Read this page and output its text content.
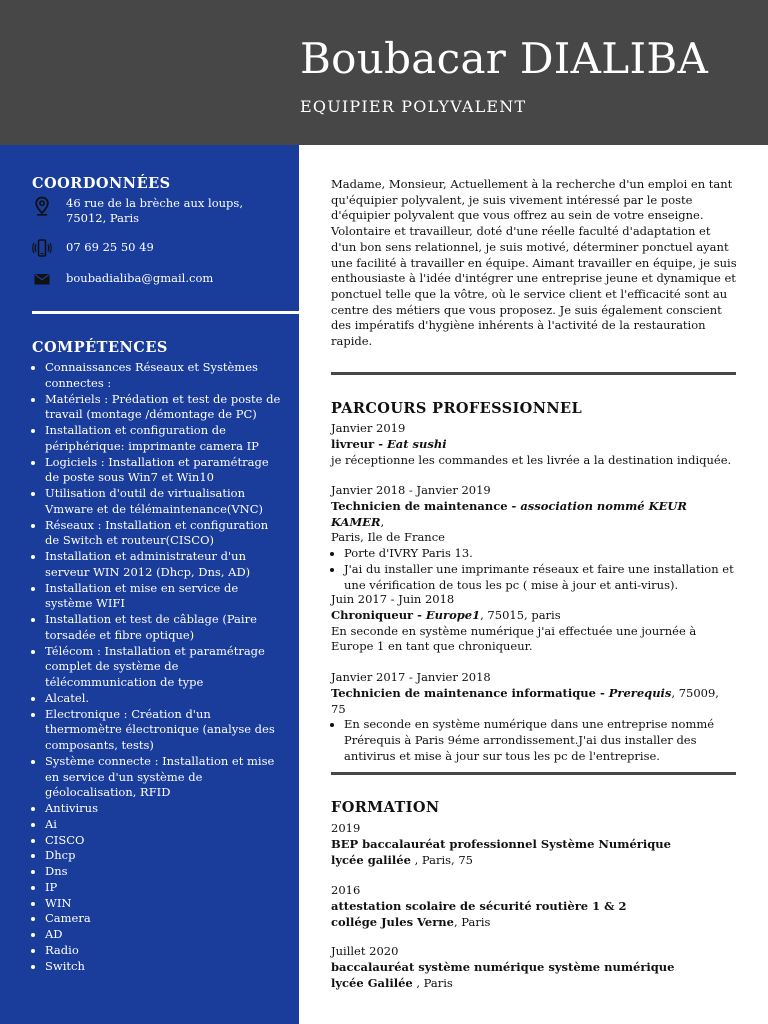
Boubacar DIALIBA
EQUIPIER POLYVALENT
COORDONNÉES
46 rue de la brèche aux loups, 75012, Paris
07 69 25 50 49
boubadialiba@gmail.com
COMPÉTENCES
• Connaissances Réseaux et Systèmes connectes :
• Matériels : Prédation et test de poste de travail (montage /démontage de PC)
• Installation et configuration de périphérique: imprimante camera IP
• Logiciels : Installation et paramétrage de poste sous Win7 et Win10
• Utilisation d'outil de virtualisation Vmware et de télémaintenance(VNC)
• Réseaux : Installation et configuration de Switch et routeur(CISCO)
• Installation et administrateur d'un serveur WIN 2012 (Dhcp, Dns, AD)
• Installation et mise en service de système WIFI
• Installation et test de câblage (Paire torsadée et fibre optique)
• Télécom : Installation et paramétrage complet de système de télécommunication de type
• Alcatel.
• Electronique : Création d'un thermomètre électronique (analyse des composants, tests)
• Système connecte : Installation et mise en service d'un système de géolocalisation, RFID
• Antivirus
• Ai
• CISCO
• Dhcp
• Dns
• IP
• WIN
• Camera
• AD
• Radio
• Switch
Madame, Monsieur, Actuellement à la recherche d'un emploi en tant qu'équipier polyvalent, je suis vivement intéressé par le poste d'équipier polyvalent que vous offrez au sein de votre enseigne. Volontaire et travailleur, doté d'une réelle faculté d'adaptation et d'un bon sens relationnel, je suis motivé, déterminer ponctuel ayant une facilité à travailler en équipe. Aimant travailler en équipe, je suis enthousiaste à l'idée d'intégrer une entreprise jeune et dynamique et ponctuel telle que la vôtre, où le service client et l'efficacité sont au centre des métiers que vous proposez. Je suis également conscient des impératifs d'hygiène inhérents à l'activité de la restauration rapide.
PARCOURS PROFESSIONNEL

Janvier 2019

livreur - Eat sushi

je réceptionne les commandes et les livrée a la destination indiquée.

Janvier 2018 - Janvier 2019

Technicien de maintenance - association nommé KEUR KAMER,

Paris, Ile de France

• Porte d'IVRY Paris 13.
• J'ai du installer une imprimante réseaux et faire une installation et une vérification de tous les pc ( mise à jour et anti-virus).

Juin 2017 - Juin 2018

Chroniqueur - Europe1, 75015, paris

En seconde en système numérique j'ai effectuée une journée à Europe 1 en tant que chroniqueur.

Janvier 2017 - Janvier 2018

Technicien de maintenance informatique - Prerequis, 75009, 75

• En seconde en système numérique dans une entreprise nommé Prérequis à Paris 9éme arrondissement.J'ai dus installer des antivirus et mise à jour sur tous les pc de l'entreprise.
FORMATION

2019

BEP baccalauréat professionnel Système Numérique

lycée galilée , Paris, 75

2016

attestation scolaire de sécurité routière 1 & 2

collége Jules Verne, Paris

Juillet 2020

baccalauréat système numérique système numérique

lycée Galilée , Paris
